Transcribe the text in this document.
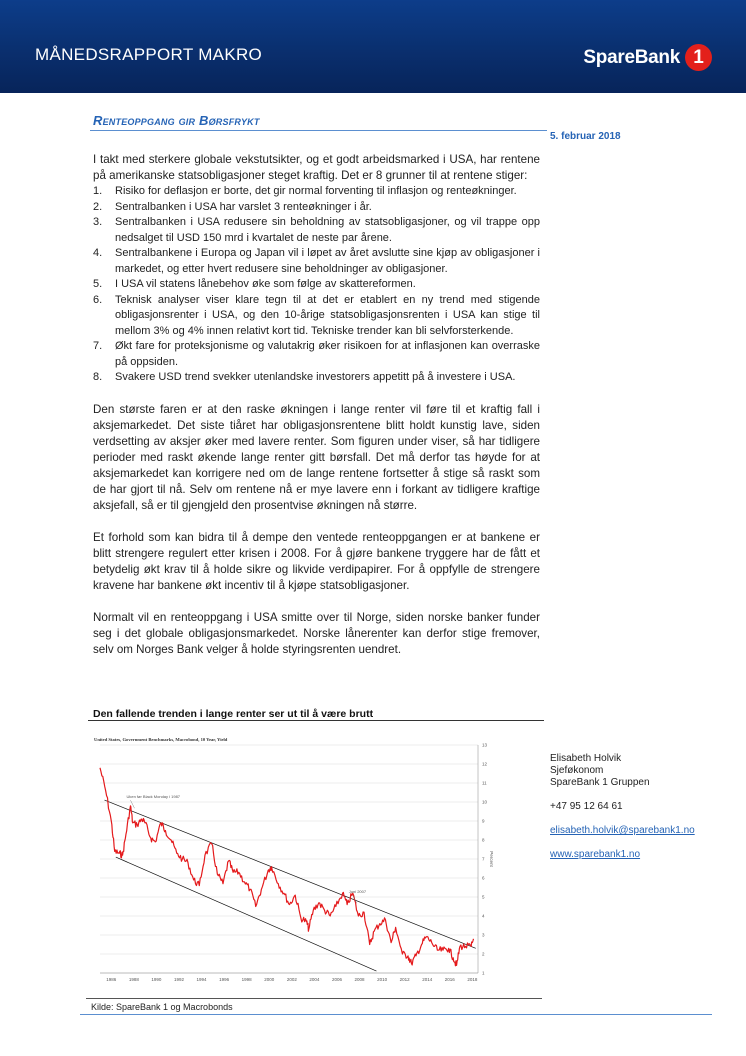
MÅNEDSRAPPORT MAKRO	SpareBank 1
Renteoppgang gir Børsfrykt
5. februar 2018

I takt med sterkere globale vekstutsikter, og et godt arbeidsmarked i USA, har rentene på amerikanske statsobligasjoner steget kraftig. Det er 8 grunner til at rentene stiger:

1.	Risiko for deflasjon er borte, det gir normal forventing til inflasjon og renteøkninger.
2.	Sentralbanken i USA har varslet 3 renteøkninger i år.
3.	Sentralbanken i USA redusere sin beholdning av statsobligasjoner, og vil trappe opp nedsalget til USD 150 mrd i kvartalet de neste par årene.
4.	Sentralbankene i Europa og Japan vil i løpet av året avslutte sine kjøp av obligasjoner i markedet, og etter hvert redusere sine beholdninger av obligasjoner.
5.	I USA vil statens lånebehov øke som følge av skattereformen.
6.	Teknisk analyser viser klare tegn til at det er etablert en ny trend med stigende obligasjonsrenter i USA, og den 10-årige statsobligasjonsrenten i USA kan stige til mellom 3% og 4% innen relativt kort tid. Tekniske trender kan bli selvforsterkende.
7.	Økt fare for proteksjonisme og valutakrig øker risikoen for at inflasjonen kan overraske på oppsiden.
8.	Svakere USD trend svekker utenlandske investorers appetitt på å investere i USA.

Den største faren er at den raske økningen i lange renter vil føre til et kraftig fall i aksjemarkedet. Det siste tiåret har obligasjonsrentene blitt holdt kunstig lave, siden verdsetting av aksjer øker med lavere renter. Som figuren under viser, så har tidligere perioder med raskt økende lange renter gitt børsfall. Det må derfor tas høyde for at aksjemarkedet kan korrigere ned om de lange rentene fortsetter å stige så raskt som de har gjort til nå. Selv om rentene nå er mye lavere enn i forkant av tidligere kraftige aksjefall, så er til gjengjeld den prosentvise økningen nå større.

Et forhold som kan bidra til å dempe den ventede renteoppgangen er at bankene er blitt strengere regulert etter krisen i 2008. For å gjøre bankene tryggere har de fått et betydelig økt krav til å holde sikre og likvide verdipapirer. For å oppfylle de strengere kravene har bankene økt incentiv til å kjøpe statsobligasjoner.

Normalt vil en renteoppgang i USA smitte over til Norge, siden norske banker funder seg i det globale obligasjonsmarkedet. Norske lånerenter kan derfor stige fremover, selv om Norges Bank velger å holde styringsrenten uendret.

Den fallende trenden i lange renter ser ut til å være brutt
United States, Government Benchmarks, Macrobond, 10 Year, Yield
1
2
3
4
5
6
7
8
9
10
11
12
13
1986	1988	1990	1992	1994	1996	1998	2000	2002	2004	2006	2008	2010	2012	2014	2016	2018
Percent
Uken før Black Monday i 1987
Juni 2007
Kilde: SpareBank 1 og Macrobonds
Elisabeth Holvik
Sjeføkonom
SpareBank 1 Gruppen
+47 95 12 64 61
elisabeth.holvik@sparebank1.no
www.sparebank1.no
